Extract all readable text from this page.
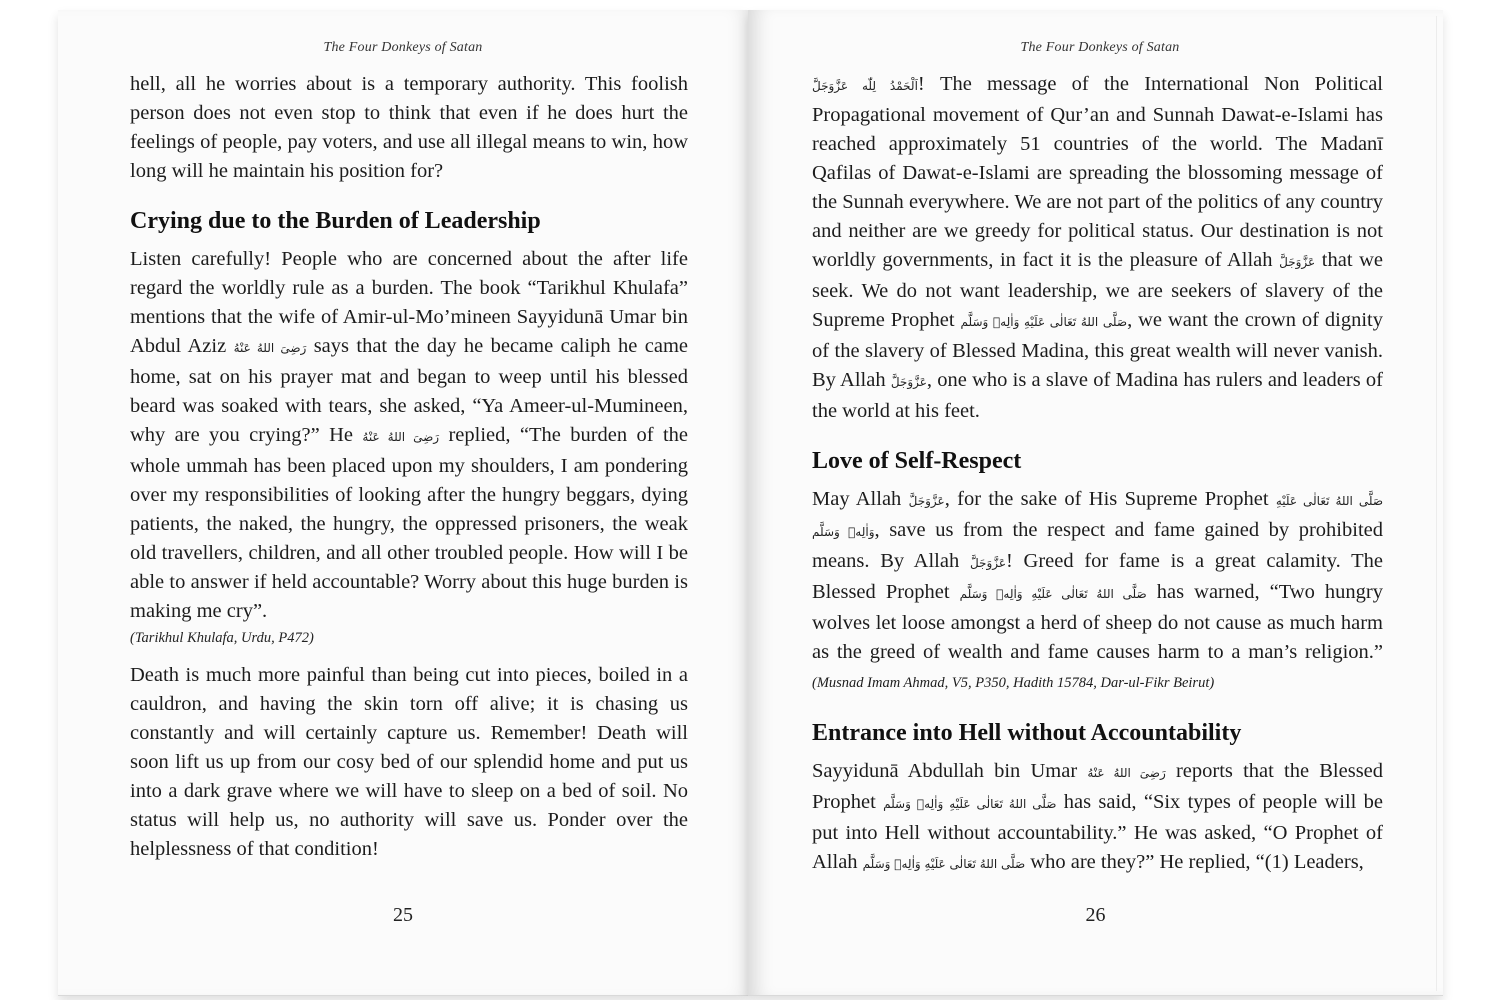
The Four Donkeys of Satan

hell, all he worries about is a temporary authority. This foolish person does not even stop to think that even if he does hurt the feelings of people, pay voters, and use all illegal means to win, how long will he maintain his position for?

Crying due to the Burden of Leadership

Listen carefully! People who are concerned about the after life regard the worldly rule as a burden. The book “Tarikhul Khulafa” mentions that the wife of Amir-ul-Mo’mineen Sayyidunā Umar bin Abdul Aziz رَضِیَ اللهُ عَنْهُ says that the day he became caliph he came home, sat on his prayer mat and began to weep until his blessed beard was soaked with tears, she asked, “Ya Ameer-ul-Mumineen, why are you crying?” He رَضِیَ اللهُ عَنْهُ replied, “The burden of the whole ummah has been placed upon my shoulders, I am pondering over my responsibilities of looking after the hungry beggars, dying patients, the naked, the hungry, the oppressed prisoners, the weak old travellers, children, and all other troubled people. How will I be able to answer if held accountable? Worry about this huge burden is making me cry”.

(Tarikhul Khulafa, Urdu, P472)

Death is much more painful than being cut into pieces, boiled in a cauldron, and having the skin torn off alive; it is chasing us constantly and will certainly capture us. Remember! Death will soon lift us up from our cosy bed of our splendid home and put us into a dark grave where we will have to sleep on a bed of soil. No status will help us, no authority will save us. Ponder over the helplessness of that condition!

25
The Four Donkeys of Satan

اَلْحَمْدُ لِلّٰه عَزَّوَجَلَّ! The message of the International Non Political Propagational movement of Qur’an and Sunnah Dawat-e-Islami has reached approximately 51 countries of the world. The Madanī Qafilas of Dawat-e-Islami are spreading the blossoming message of the Sunnah everywhere. We are not part of the politics of any country and neither are we greedy for political status. Our destination is not worldly governments, in fact it is the pleasure of Allah عَزَّوَجَلَّ that we seek. We do not want leadership, we are seekers of slavery of the Supreme Prophet صَلَّى اللهُ تَعَالٰى عَلَيْهِ وَاٰلِهٖ وَسَلَّم, we want the crown of dignity of the slavery of Blessed Madina, this great wealth will never vanish. By Allah عَزَّوَجَلَّ, one who is a slave of Madina has rulers and leaders of the world at his feet.

Love of Self-Respect

May Allah عَزَّوَجَلَّ, for the sake of His Supreme Prophet صَلَّى اللهُ تَعَالٰى عَلَيْهِ وَاٰلِهٖ وَسَلَّم, save us from the respect and fame gained by prohibited means. By Allah عَزَّوَجَلَّ! Greed for fame is a great calamity. The Blessed Prophet صَلَّى اللهُ تَعَالٰى عَلَيْهِ وَاٰلِهٖ وَسَلَّم has warned, “Two hungry wolves let loose amongst a herd of sheep do not cause as much harm as the greed of wealth and fame causes harm to a man’s religion.” (Musnad Imam Ahmad, V5, P350, Hadith 15784, Dar-ul-Fikr Beirut)

Entrance into Hell without Accountability

Sayyidunā Abdullah bin Umar رَضِیَ اللهُ عَنْهُ reports that the Blessed Prophet صَلَّى اللهُ تَعَالٰى عَلَيْهِ وَاٰلِهٖ وَسَلَّم has said, “Six types of people will be put into Hell without accountability.” He was asked, “O Prophet of Allah صَلَّى اللهُ تَعَالٰى عَلَيْهِ وَاٰلِهٖ وَسَلَّم who are they?” He replied, “(1) Leaders,

26
